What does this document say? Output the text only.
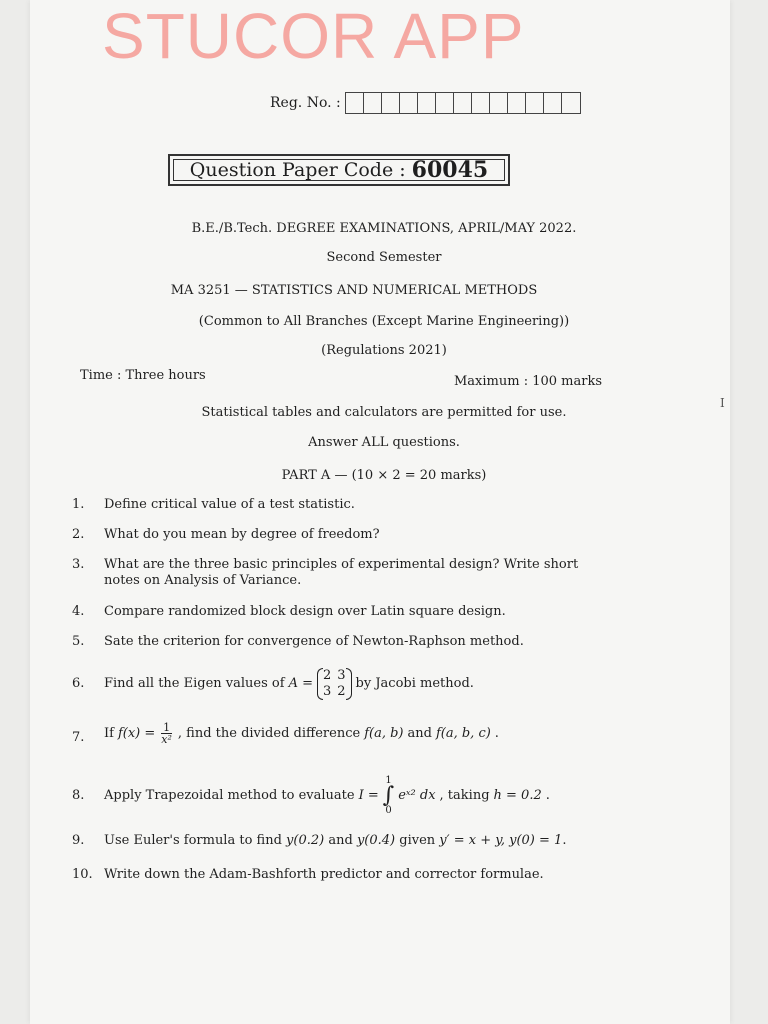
STUCOR APP
Reg. No. :
Question Paper Code : 60045
B.E./B.Tech. DEGREE EXAMINATIONS, APRIL/MAY 2022.
Second Semester
MA 3251 — STATISTICS AND NUMERICAL METHODS
(Common to All Branches (Except Marine Engineering))
(Regulations 2021)
Time : Three hours	Maximum : 100 marks
Statistical tables and calculators are permitted for use.
Answer ALL questions.
PART A — (10 × 2 = 20 marks)
1. Define critical value of a test statistic.
2. What do you mean by degree of freedom?
3. What are the three basic principles of experimental design? Write short notes on Analysis of Variance.
4. Compare randomized block design over Latin square design.
5. Sate the criterion for convergence of Newton-Raphson method.
6. Find all the Eigen values of A =
2 3
3 2
by Jacobi method.
7. If $f(x) = \frac{1}{\text{x²}}$ , find the divided difference f(a, b) and f(a, b, c) .
8. Apply Trapezoidal method to evaluate I =
1
∫
0
eˣ² dx , taking h = 0.2 .
9. Use Euler's formula to find y(0.2) and y(0.4) given y′ = x + y, y(0) = 1.
10. Write down the Adam-Bashforth predictor and corrector formulae.
I
